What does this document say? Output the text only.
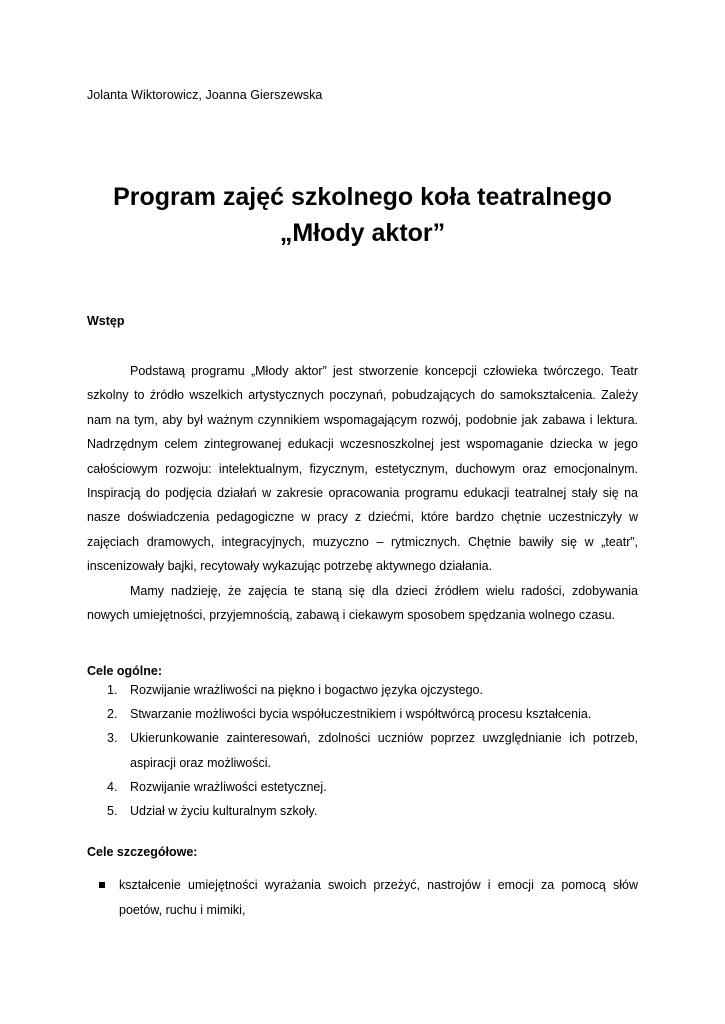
Jolanta Wiktorowicz, Joanna Gierszewska
Program zajęć szkolnego koła teatralnego
„Młody aktor”
Wstęp

Podstawą programu „Młody aktor” jest stworzenie koncepcji człowieka twórczego. Teatr szkolny to źródło wszelkich artystycznych poczynań, pobudzających do samokształcenia. Zależy nam na tym, aby był ważnym czynnikiem wspomagającym rozwój, podobnie jak zabawa i lektura. Nadrzędnym celem zintegrowanej edukacji wczesnoszkolnej jest wspomaganie dziecka w jego całościowym rozwoju: intelektualnym, fizycznym, estetycznym, duchowym oraz emocjonalnym. Inspiracją do podjęcia działań w zakresie opracowania programu edukacji teatralnej stały się na nasze doświadczenia pedagogiczne w pracy z dziećmi, które bardzo chętnie uczestniczyły w zajęciach dramowych, integracyjnych, muzyczno – rytmicznych. Chętnie bawiły się w „teatr”, inscenizowały bajki, recytowały wykazując potrzebę aktywnego działania.

Mamy nadzieję, że zajęcia te staną się dla dzieci źródłem wielu radości, zdobywania nowych umiejętności, przyjemnością, zabawą i ciekawym sposobem spędzania wolnego czasu.

Cele ogólne:
1. Rozwijanie wrażliwości na piękno i bogactwo języka ojczystego.
2. Stwarzanie możliwości bycia współuczestnikiem i współtwórcą procesu kształcenia.
3. Ukierunkowanie zainteresowań, zdolności uczniów poprzez uwzględnianie ich potrzeb, aspiracji oraz możliwości.
4. Rozwijanie wrażliwości estetycznej.
5. Udział w życiu kulturalnym szkoły.
Cele szczegółowe:
kształcenie umiejętności wyrażania swoich przeżyć, nastrojów i emocji za pomocą słów poetów, ruchu i mimiki,
